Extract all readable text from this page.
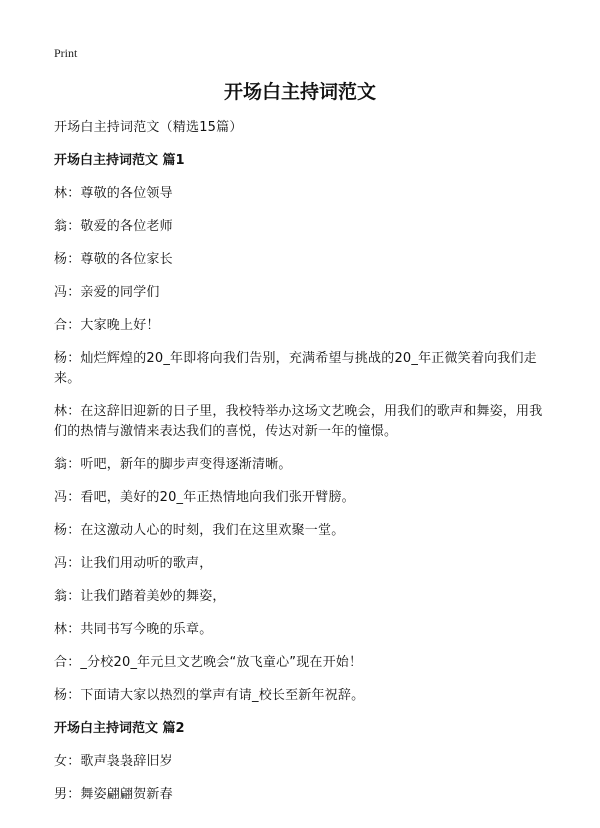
Print
开场白主持词范文
开场白主持词范文（精选15篇）
开场白主持词范文 篇1
林：尊敬的各位领导
翁：敬爱的各位老师
杨：尊敬的各位家长
冯：亲爱的同学们
合：大家晚上好！
杨：灿烂辉煌的20_年即将向我们告别，充满希望与挑战的20_年正微笑着向我们走来。
林：在这辞旧迎新的日子里，我校特举办这场文艺晚会，用我们的歌声和舞姿，用我们的热情与激情来表达我们的喜悦，传达对新一年的憧憬。
翁：听吧，新年的脚步声变得逐渐清晰。
冯：看吧，美好的20_年正热情地向我们张开臂膀。
杨：在这激动人心的时刻，我们在这里欢聚一堂。
冯：让我们用动听的歌声，
翁：让我们踏着美妙的舞姿，
林：共同书写今晚的乐章。
合：_分校20_年元旦文艺晚会“放飞童心”现在开始！
杨：下面请大家以热烈的掌声有请_校长至新年祝辞。
开场白主持词范文 篇2
女：歌声袅袅辞旧岁
男：舞姿翩翩贺新春
